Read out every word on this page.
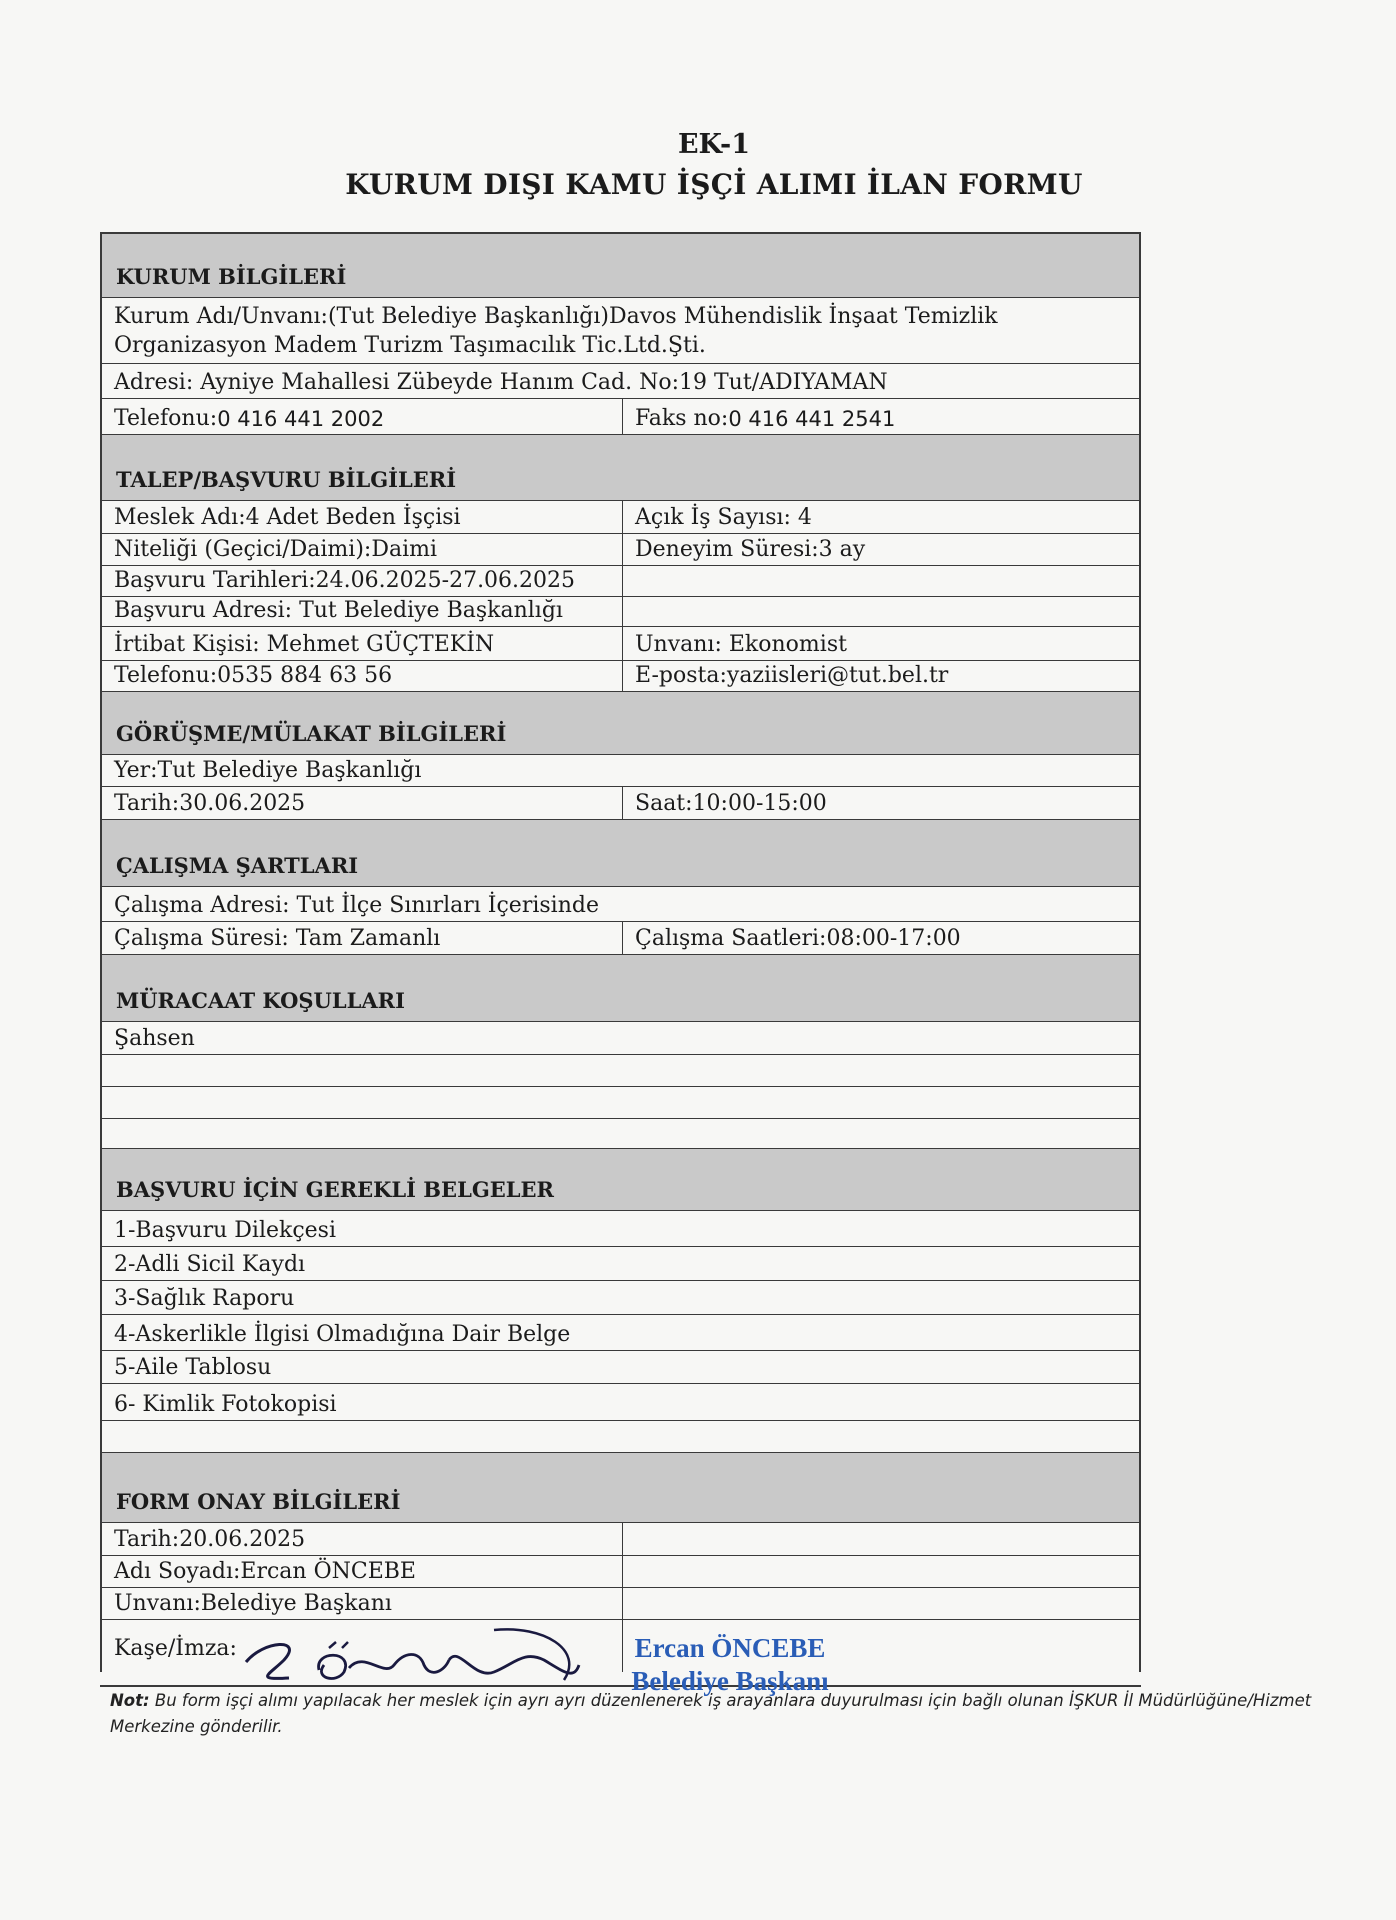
EK-1
KURUM DIŞI KAMU İŞÇİ ALIMI İLAN FORMU
KURUM BİLGİLERİ
Kurum Adı/Unvanı:(Tut Belediye Başkanlığı)Davos Mühendislik İnşaat Temizlik Organizasyon Madem Turizm Taşımacılık Tic.Ltd.Şti.
Adresi: Ayniye Mahallesi Zübeyde Hanım Cad. No:19 Tut/ADIYAMAN
Telefonu: 0 416 441 2002	Faks no: 0 416 441 2541
TALEP/BAŞVURU BİLGİLERİ
Meslek Adı:4 Adet Beden İşçisi	Açık İş Sayısı: 4
Niteliği (Geçici/Daimi):Daimi	Deneyim Süresi:3 ay
Başvuru Tarihleri:24.06.2025-27.06.2025
Başvuru Adresi: Tut Belediye Başkanlığı
İrtibat Kişisi: Mehmet GÜÇTEKİN	Unvanı: Ekonomist
Telefonu:0535 884 63 56	E-posta:yaziisleri@tut.bel.tr
GÖRÜŞME/MÜLAKAT BİLGİLERİ
Yer:Tut Belediye Başkanlığı
Tarih:30.06.2025	Saat:10:00-15:00
ÇALIŞMA ŞARTLARI
Çalışma Adresi: Tut İlçe Sınırları İçerisinde
Çalışma Süresi: Tam Zamanlı	Çalışma Saatleri:08:00-17:00
MÜRACAAT KOŞULLARI
Şahsen
BAŞVURU İÇİN GEREKLİ BELGELER
1-Başvuru Dilekçesi
2-Adli Sicil Kaydı
3-Sağlık Raporu
4-Askerlikle İlgisi Olmadığına Dair Belge
5-Aile Tablosu
6- Kimlik Fotokopisi
FORM ONAY BİLGİLERİ
Tarih:20.06.2025
Adı Soyadı:Ercan ÖNCEBE
Unvanı:Belediye Başkanı
Kaşe/İmza:	Ercan ÖNCEBE
Belediye Başkanı
Not: Bu form işçi alımı yapılacak her meslek için ayrı ayrı düzenlenerek iş arayanlara duyurulması için bağlı olunan İŞKUR İl Müdürlüğüne/Hizmet Merkezine gönderilir.
